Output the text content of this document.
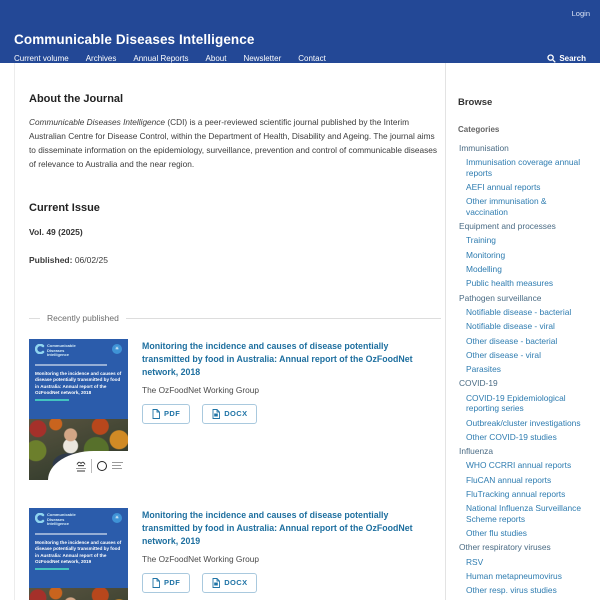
Login
Communicable Diseases Intelligence
Current volume Archives Annual Reports About Newsletter Contact	Search
About the Journal

Communicable Diseases Intelligence (CDI) is a peer-reviewed scientific journal published by the Interim Australian Centre for Disease Control, within the Department of Health, Disability and Ageing. The journal aims to disseminate information on the epidemiology, surveillance, prevention and control of communicable diseases of relevance to Australia and the near region.

Current Issue
Vol. 49 (2025)
Published: 06/02/25
Recently published
Communicable Diseases Intelligence
✳
Monitoring the incidence and causes of disease potentially transmitted by food in Australia: Annual report of the OzFoodNet network, 2018
Monitoring the incidence and causes of disease potentially transmitted by food in Australia: Annual report of the OzFoodNet network, 2018
The OzFoodNet Working Group
PDF	DOCX
Communicable Diseases Intelligence
✳
Monitoring the incidence and causes of disease potentially transmitted by food in Australia: Annual report of the OzFoodNet network, 2019
Monitoring the incidence and causes of disease potentially transmitted by food in Australia: Annual report of the OzFoodNet network, 2019
The OzFoodNet Working Group
PDF	DOCX
Browse
Categories
Immunisation
Immunisation coverage annual reports
AEFI annual reports
Other immunisation & vaccination
Equipment and processes
Training
Monitoring
Modelling
Public health measures
Pathogen surveillance
Notifiable disease - bacterial
Notifiable disease - viral
Other disease - bacterial
Other disease - viral
Parasites
COVID-19
COVID-19 Epidemiological reporting series
Outbreak/cluster investigations
Other COVID-19 studies
Influenza
WHO CCRRI annual reports
FluCAN annual reports
FluTracking annual reports
National Influenza Surveillance Scheme reports
Other flu studies
Other respiratory viruses
RSV
Human metapneumovirus
Other resp. virus studies
